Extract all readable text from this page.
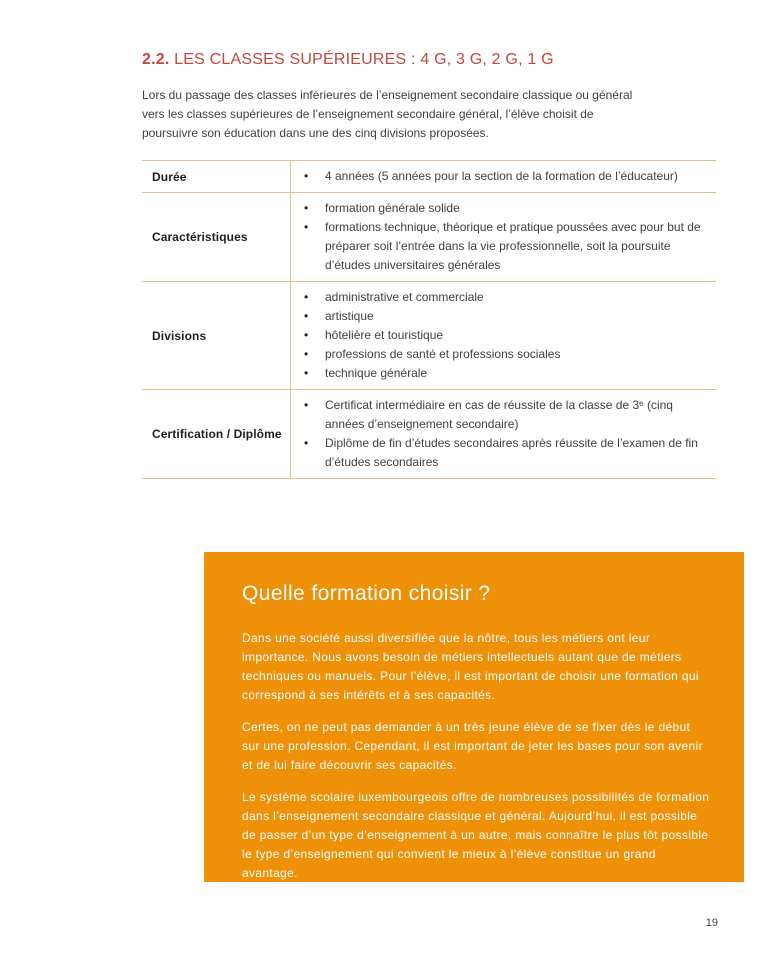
2.2. LES CLASSES SUPÉRIEURES : 4 G, 3 G, 2 G, 1 G

Lors du passage des classes inférieures de l’enseignement secondaire classique ou général vers les classes supérieures de l’enseignement secondaire général, l’élève choisit de poursuivre son éducation dans une des cinq divisions proposées.

Durée	• 4 années (5 années pour la section de la formation de l’éducateur)
Caractéristiques
• formation générale solide
• formations technique, théorique et pratique poussées avec pour but de préparer soit l’entrée dans la vie professionnelle, soit la poursuite d’études universitaires générales
Divisions
• administrative et commerciale
• artistique
• hôtelière et touristique
• professions de santé et professions sociales
• technique générale
Certification / Diplôme
• Certificat intermédiaire en cas de réussite de la classe de 3ᵉ (cinq années d’enseignement secondaire)
• Diplôme de fin d’études secondaires après réussite de l’examen de fin d’études secondaires
Quelle formation choisir ?

Dans une société aussi diversifiée que la nôtre, tous les métiers ont leur importance. Nous avons besoin de métiers intellectuels autant que de métiers techniques ou manuels. Pour l’élève, il est important de choisir une formation qui correspond à ses intérêts et à ses capacités.

Certes, on ne peut pas demander à un très jeune élève de se fixer dès le début sur une profession. Cependant, il est important de jeter les bases pour son avenir et de lui faire découvrir ses capacités.

Le système scolaire luxembourgeois offre de nombreuses possibilités de formation dans l’enseignement secondaire classique et général. Aujourd’hui, il est possible de passer d’un type d’enseignement à un autre, mais connaître le plus tôt possible le type d’enseignement qui convient le mieux à l’élève constitue un grand avantage.

19
